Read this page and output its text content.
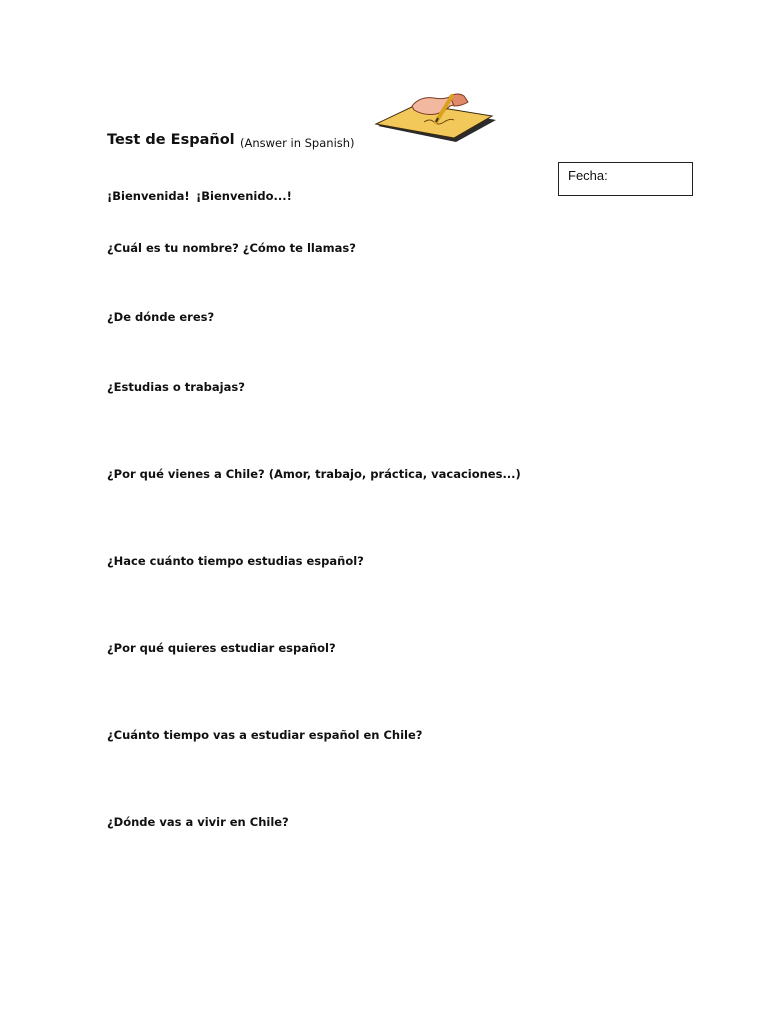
Test de Español (Answer in Spanish)
Fecha:
¡Bienvenida! ¡Bienvenido...!
¿Cuál es tu nombre? ¿Cómo te llamas?
¿De dónde eres?
¿Estudias o trabajas?
¿Por qué vienes a Chile? (Amor, trabajo, práctica, vacaciones...)
¿Hace cuánto tiempo estudias español?
¿Por qué quieres estudiar español?
¿Cuánto tiempo vas a estudiar español en Chile?
¿Dónde vas a vivir en Chile?
